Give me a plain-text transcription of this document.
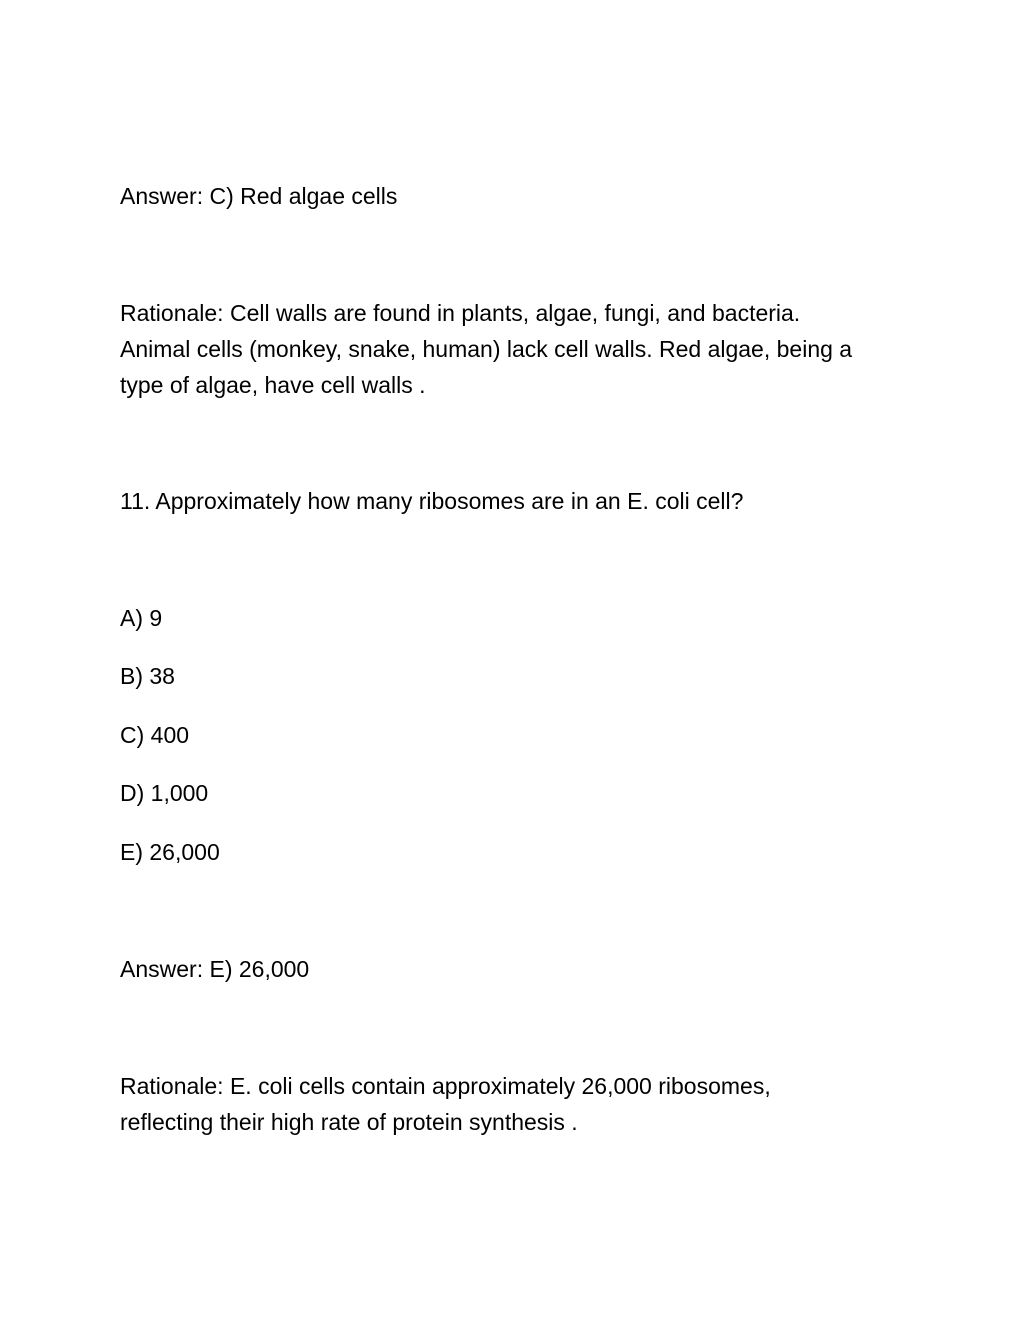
Answer: C) Red algae cells

Rationale: Cell walls are found in plants, algae, fungi, and bacteria.
Animal cells (monkey, snake, human) lack cell walls. Red algae, being a
type of algae, have cell walls .

11. Approximately how many ribosomes are in an E. coli cell?

A) 9

B) 38

C) 400

D) 1,000

E) 26,000

Answer: E) 26,000

Rationale: E. coli cells contain approximately 26,000 ribosomes,
reflecting their high rate of protein synthesis .
